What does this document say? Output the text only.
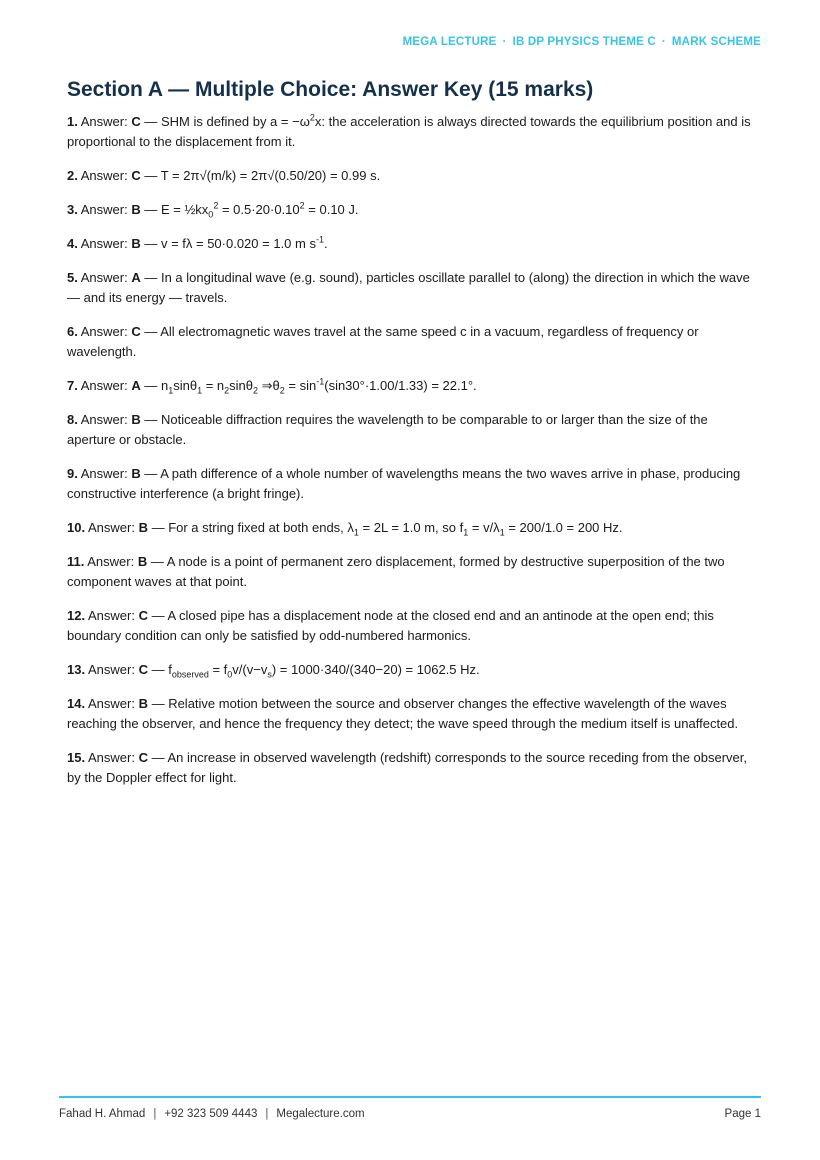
MEGA LECTURE · IB DP PHYSICS THEME C · MARK SCHEME
Section A — Multiple Choice: Answer Key (15 marks)

1. Answer: C — SHM is defined by $a = -\omega^2x$: the acceleration is always directed towards the equilibrium position and is proportional to the displacement from it.

2. Answer: C — T = 2π√(m/k) = 2π√(0.50/20) = 0.99 s.

3. Answer: B — $E = \frac{1}{2}kx_0^2 = 0.5\cdot 20\cdot 0.10^2 = 0.10$ J.

4. Answer: B — v = fλ = 50·0.020 = 1.0 m $s^{-1}$.

5. Answer: A — In a longitudinal wave (e.g. sound), particles oscillate parallel to (along) the direction in which the wave — and its energy — travels.

6. Answer: C — All electromagnetic waves travel at the same speed c in a vacuum, regardless of frequency or wavelength.

7. Answer: A — $n_1\sin\theta_1 = n_2\sin\theta_2$ $\Rightarrow\theta_2 = \sin^{-1}(\sin 30^\circ\cdot 1.00/1.33) = 22.1^\circ$.

8. Answer: B — Noticeable diffraction requires the wavelength to be comparable to or larger than the size of the aperture or obstacle.

9. Answer: B — A path difference of a whole number of wavelengths means the two waves arrive in phase, producing constructive interference (a bright fringe).

10. Answer: B — For a string fixed at both ends, $\lambda_1 = 2L = 1.0$ m, so $f_1 = v/\lambda_1 = 200/1.0 = 200$ Hz.

11. Answer: B — A node is a point of permanent zero displacement, formed by destructive superposition of the two component waves at that point.

12. Answer: C — A closed pipe has a displacement node at the closed end and an antinode at the open end; this boundary condition can only be satisfied by odd-numbered harmonics.

13. Answer: C — $f_{observed} = f_0v/(v-v_s) = 1000\cdot 340/(340-20) = 1062.5$ Hz.

14. Answer: B — Relative motion between the source and observer changes the effective wavelength of the waves reaching the observer, and hence the frequency they detect; the wave speed through the medium itself is unaffected.

15. Answer: C — An increase in observed wavelength (redshift) corresponds to the source receding from the observer, by the Doppler effect for light.

Fahad H. Ahmad | +92 323 509 4443 | Megalecture.com	Page 1
